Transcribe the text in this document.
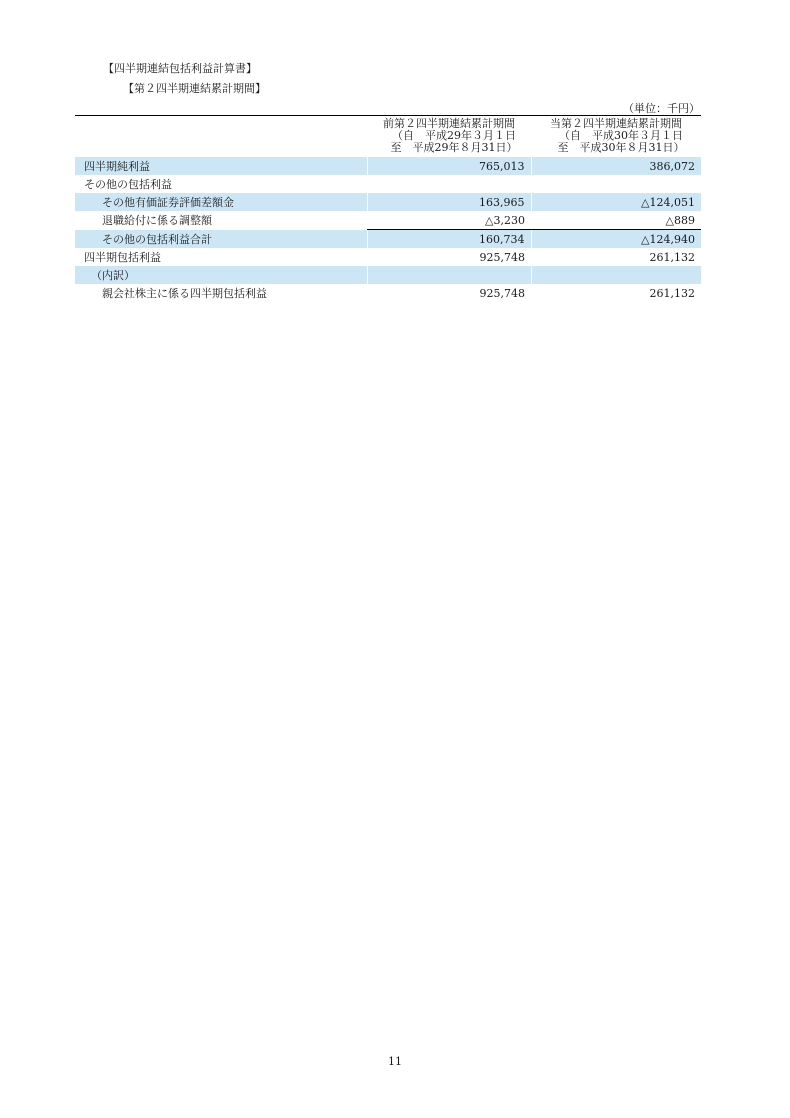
【四半期連結包括利益計算書】
【第２四半期連結累計期間】
（単位：千円）

	前第２四半期連結累計期間
（自　平成29年３月１日
至　平成29年８月31日）	当第２四半期連結累計期間
（自　平成30年３月１日
至　平成30年８月31日）

四半期純利益	765,013	386,072
その他の包括利益		
その他有価証券評価差額金	163,965	△124,051
退職給付に係る調整額	△3,230	△889
その他の包括利益合計	160,734	△124,940
四半期包括利益	925,748	261,132
（内訳）		
親会社株主に係る四半期包括利益	925,748	261,132
11
